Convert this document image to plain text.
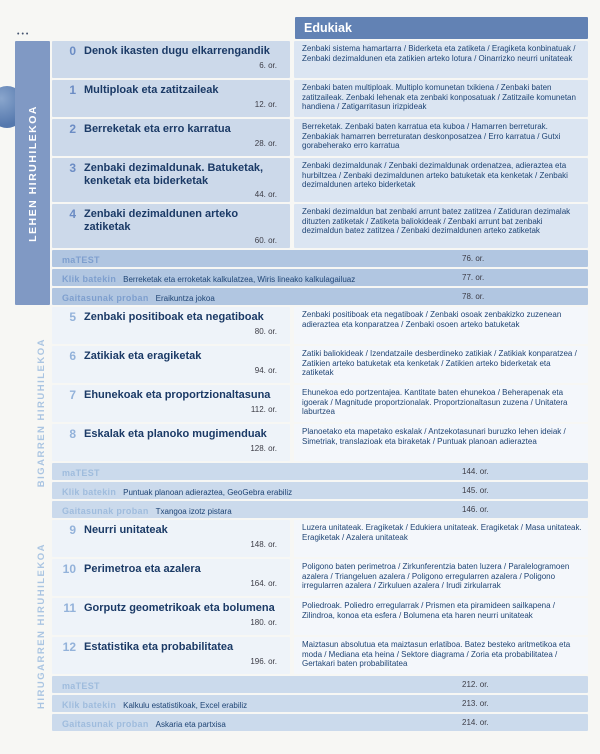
•••	Edukiak
LEHEN HIRUHILEKOA
0 Denok ikasten dugu elkarrengandik
6. or.
Zenbaki sistema hamartarra / Biderketa eta zatiketa / Eragiketa konbinatuak / Zenbaki dezimaldunen eta zatikien arteko lotura / Oinarrizko neurri unitateak
1 Multiploak eta zatitzaileak
12. or.
Zenbaki baten multiploak. Multiplo komunetan txikiena / Zenbaki baten zatitzaileak. Zenbaki lehenak eta zenbaki konposatuak / Zatitzaile komunetan handiena / Zatigarritasun irizpideak
2 Berreketak eta erro karratua
28. or.
Berreketak. Zenbaki baten karratua eta kuboa / Hamarren berreturak. Zenbakiak hamarren berreturatan deskonposatzea / Erro karratua / Gutxi gorabeherako erro karratua
3 Zenbaki dezimaldunak. Batuketak, kenketak eta biderketak
44. or.
Zenbaki dezimaldunak / Zenbaki dezimaldunak ordenatzea, adieraztea eta hurbiltzea / Zenbaki dezimaldunen arteko batuketak eta kenketak / Zenbaki dezimaldunen arteko biderketak
4 Zenbaki dezimaldunen arteko zatiketak
60. or.
Zenbaki dezimaldun bat zenbaki arrunt batez zatitzea / Zatiduran dezimalak dituzten zatiketak / Zatiketa baliokideak / Zenbaki arrunt bat zenbaki dezimaldun batez zatitzea / Zenbaki dezimaldunen arteko zatiketak
maTEST	76. or.
Klik batekin Berreketak eta erroketak kalkulatzea, Wiris lineako kalkulagailuaz	77. or.
Gaitasunak proban Eraikuntza jokoa	78. or.
BIGARREN HIRUHILEKOA
5 Zenbaki positiboak eta negatiboak
80. or.
Zenbaki positiboak eta negatiboak / Zenbaki osoak zenbakizko zuzenean adieraztea eta konparatzea / Zenbaki osoen arteko batuketak
6 Zatikiak eta eragiketak
94. or.
Zatiki baliokideak / Izendatzaile desberdineko zatikiak / Zatikiak konparatzea / Zatikien arteko batuketak eta kenketak / Zatikien arteko biderketak eta zatiketak
7 Ehunekoak eta proportzionaltasuna
112. or.
Ehunekoa edo portzentajea. Kantitate baten ehunekoa / Beherapenak eta igoerak / Magnitude proportzionalak. Proportzionaltasun zuzena / Unitatera laburtzea
8 Eskalak eta planoko mugimenduak
128. or.
Planoetako eta mapetako eskalak / Antzekotasunari buruzko lehen ideiak / Simetriak, translazioak eta biraketak / Puntuak planoan adieraztea
maTEST	144. or.
Klik batekin Puntuak planoan adieraztea, GeoGebra erabiliz	145. or.
Gaitasunak proban Txangoa izotz pistara	146. or.
HIRUGARREN HIRUHILEKOA
9 Neurri unitateak
148. or.
Luzera unitateak. Eragiketak / Edukiera unitateak. Eragiketak / Masa unitateak. Eragiketak / Azalera unitateak
10 Perimetroa eta azalera
164. or.
Poligono baten perimetroa / Zirkunferentzia baten luzera / Paralelogramoen azalera / Triangeluen azalera / Poligono erregularren azalera / Poligono irregularren azalera / Zirkuluen azalera / Irudi zirkularrak
11 Gorputz geometrikoak eta bolumena
180. or.
Poliedroak. Poliedro erregularrak / Prismen eta piramideen sailkapena / Zilindroa, konoa eta esfera / Bolumena eta haren neurri unitateak
12 Estatistika eta probabilitatea
196. or.
Maiztasun absolutua eta maiztasun erlatiboa. Batez besteko aritmetikoa eta moda / Mediana eta heina / Sektore diagrama / Zoria eta probabilitatea / Gertakari baten probabilitatea
maTEST	212. or.
Klik batekin Kalkulu estatistikoak, Excel erabiliz	213. or.
Gaitasunak proban Askaria eta partxisa	214. or.
